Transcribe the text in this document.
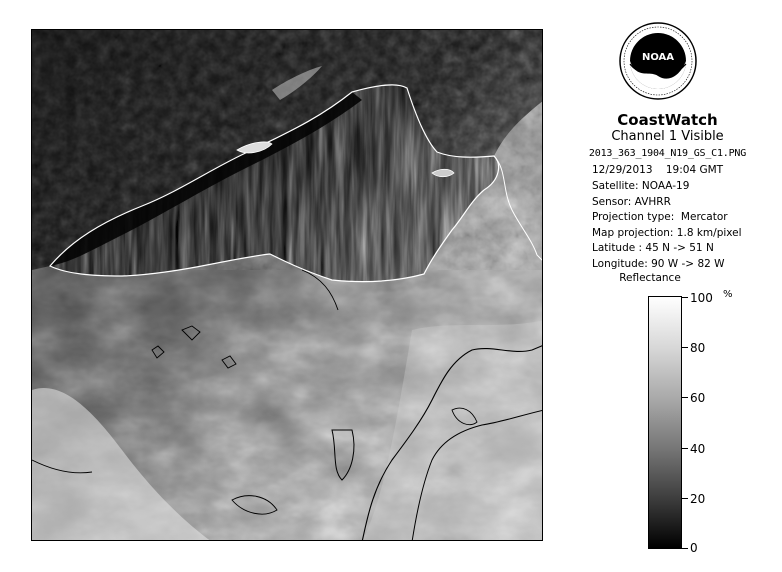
NOAA
CoastWatch
Channel 1 Visible
2013_363_1904_N19_GS_C1.PNG
12/29/2013    19:04 GMT
Satellite: NOAA-19
Sensor: AVHRR
Projection type:  Mercator
Map projection: 1.8 km/pixel
Latitude : 45 N -> 51 N
Longitude: 90 W -> 82 W
Reflectance
%
100
80
60
40
20
0
